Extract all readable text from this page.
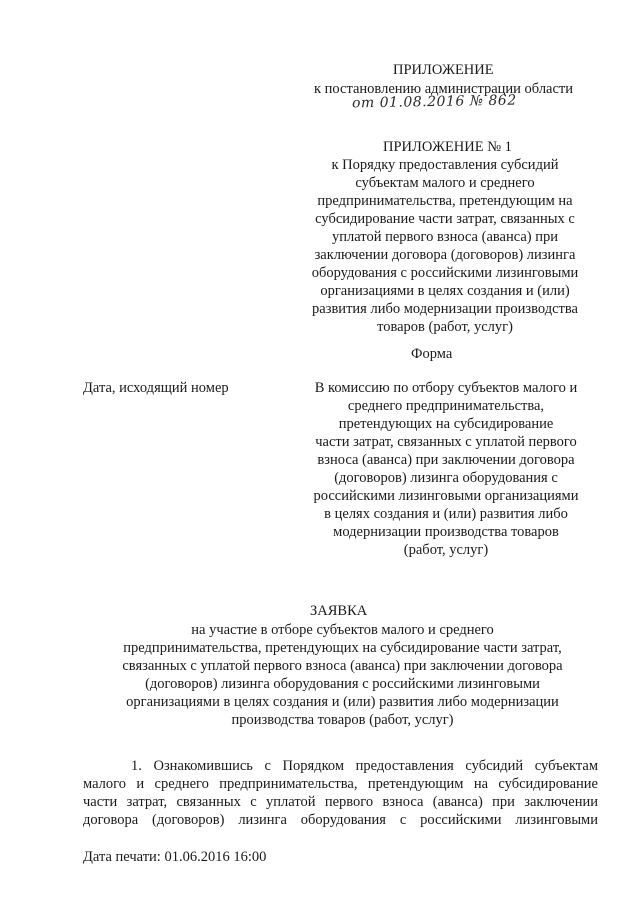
ПРИЛОЖЕНИЕ
к постановлению администрации области
от 01.08.2016 № 862
ПРИЛОЖЕНИЕ № 1
к Порядку предоставления субсидий
субъектам малого и среднего
предпринимательства, претендующим на
субсидирование части затрат, связанных с
уплатой первого взноса (аванса) при
заключении договора (договоров) лизинга
оборудования с российскими лизинговыми
организациями в целях создания и (или)
развития либо модернизации производства
товаров (работ, услуг)
Форма
Дата, исходящий номер	В комиссию по отбору субъектов малого и
среднего предпринимательства,
претендующих на субсидирование
части затрат, связанных с уплатой первого
взноса (аванса) при заключении договора
(договоров) лизинга оборудования с
российскими лизинговыми организациями
в целях создания и (или) развития либо
модернизации производства товаров
(работ, услуг)
ЗАЯВКА
на участие в отборе субъектов малого и среднего
предпринимательства, претендующих на субсидирование части затрат,
связанных с уплатой первого взноса (аванса) при заключении договора
(договоров) лизинга оборудования с российскими лизинговыми
организациями в целях создания и (или) развития либо модернизации
производства товаров (работ, услуг)
1. Ознакомившись с Порядком предоставления субсидий субъектам
малого и среднего предпринимательства, претендующим на субсидирование
части затрат, связанных с уплатой первого взноса (аванса) при заключении
договора (договоров) лизинга оборудования с российскими лизинговыми
Дата печати: 01.06.2016 16:00
